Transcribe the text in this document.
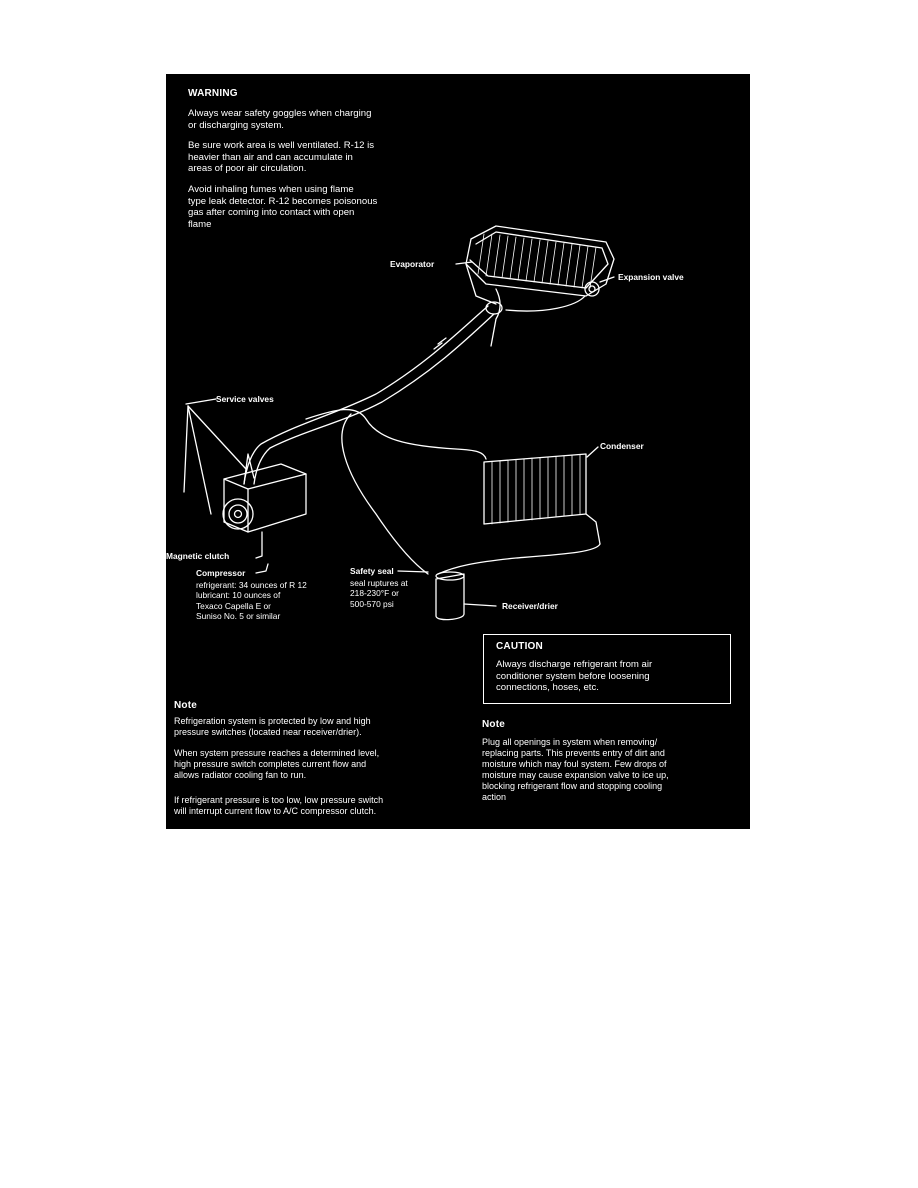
WARNING
Always wear safety goggles when charging
or discharging system.
Be sure work area is well ventilated. R-12 is
heavier than air and can accumulate in
areas of poor air circulation.
Avoid inhaling fumes when using flame
type leak detector. R-12 becomes poisonous
gas after coming into contact with open
flame
Evaporator
Expansion valve
Service valves
Condenser
Magnetic clutch
Compressor
refrigerant: 34 ounces of R 12
lubricant: 10 ounces of
Texaco Capella E or
Suniso No. 5 or similar
Safety seal
seal ruptures at
218-230°F or
500-570 psi	Receiver/drier
CAUTION
Always discharge refrigerant from air
conditioner system before loosening
connections, hoses, etc.
Note
Refrigeration system is protected by low and high
pressure switches (located near receiver/drier).
When system pressure reaches a determined level,
high pressure switch completes current flow and
allows radiator cooling fan to run.
If refrigerant pressure is too low, low pressure switch
will interrupt current flow to A/C compressor clutch.
Note
Plug all openings in system when removing/
replacing parts. This prevents entry of dirt and
moisture which may foul system. Few drops of
moisture may cause expansion valve to ice up,
blocking refrigerant flow and stopping cooling
action
